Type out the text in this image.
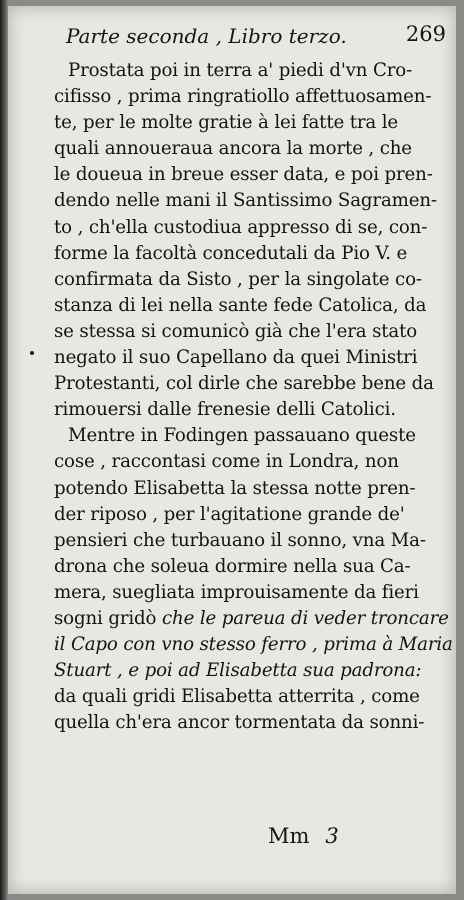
Parte seconda , Libro terzo.	269
Prostata poi in terra a' piedi d'vn Cro-
cifisso , prima ringratiollo affettuosamen-
te, per le molte gratie à lei fatte tra le
quali annoueraua ancora la morte , che
le doueua in breue esser data, e poi pren-
dendo nelle mani il Santissimo Sagramen-
to , ch'ella custodiua appresso di se, con-
forme la facoltà concedutali da Pio V. e
confirmata da Sisto , per la singolate co-
stanza di lei nella sante fede Catolica, da
se stessa si comunicò già che l'era stato
negato il suo Capellano da quei Ministri
Protestanti, col dirle che sarebbe bene da
rimouersi dalle frenesie delli Catolici.
Mentre in Fodingen passauano queste
cose , raccontasi come in Londra, non
potendo Elisabetta la stessa notte pren-
der riposo , per l'agitatione grande de'
pensieri che turbauano il sonno, vna Ma-
drona che soleua dormire nella sua Ca-
mera, suegliata improuisamente da fieri
sogni gridò che le pareua di veder troncare
il Capo con vno stesso ferro , prima à Maria
Stuart , e poi ad Elisabetta sua padrona:
da quali gridi Elisabetta atterrita , come
quella ch'era ancor tormentata da sonni-
Mm 3
